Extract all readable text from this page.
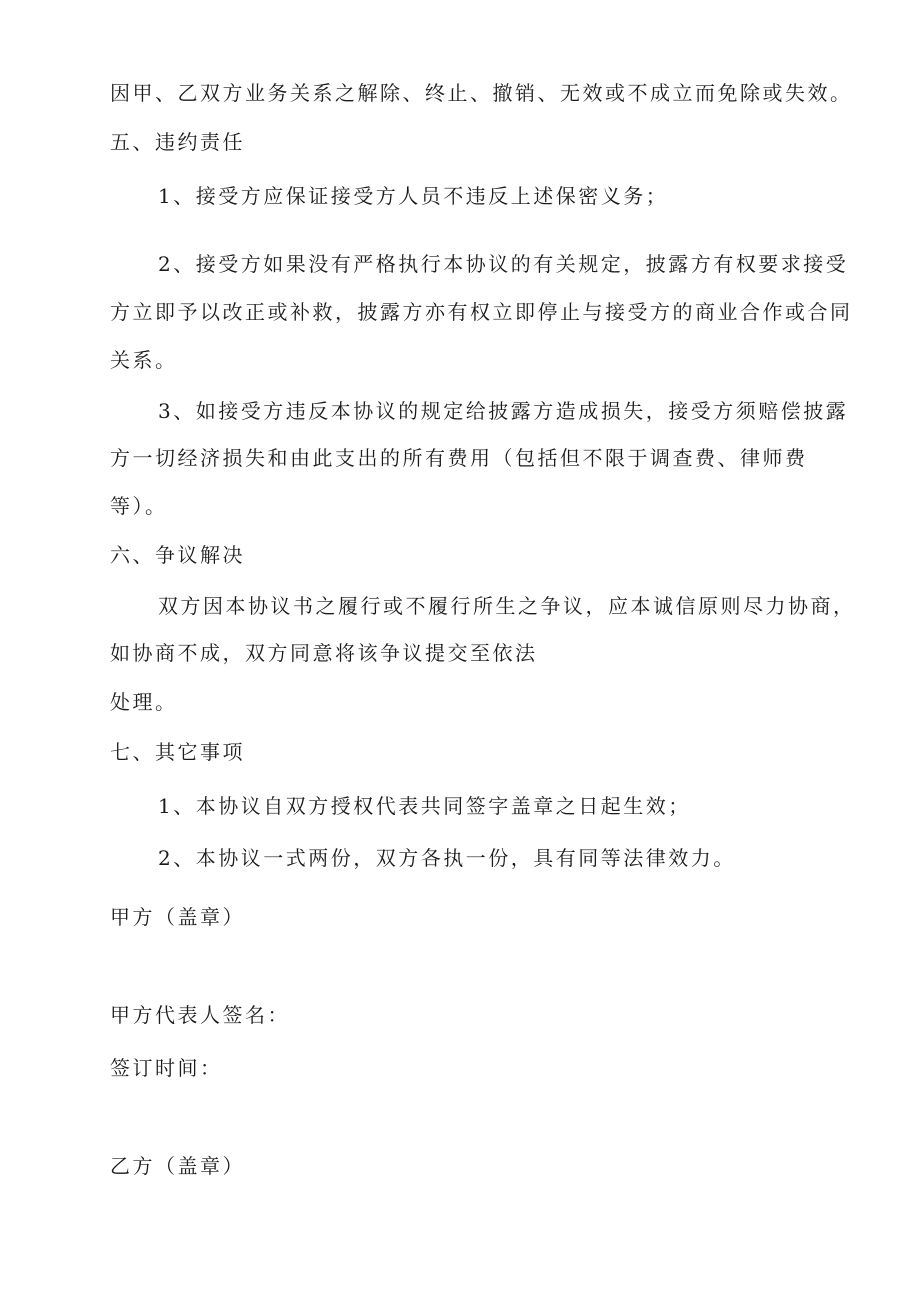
因甲、乙双方业务关系之解除、终止、撤销、无效或不成立而免除或失效。
五、违约责任
1、接受方应保证接受方人员不违反上述保密义务；
2、接受方如果没有严格执行本协议的有关规定，披露方有权要求接受
方立即予以改正或补救，披露方亦有权立即停止与接受方的商业合作或合同
关系。
3、如接受方违反本协议的规定给披露方造成损失，接受方须赔偿披露
方一切经济损失和由此支出的所有费用（包括但不限于调查费、律师费
等）。
六、争议解决
双方因本协议书之履行或不履行所生之争议，应本诚信原则尽力协商，
如协商不成，双方同意将该争议提交至依法
处理。
七、其它事项
1、本协议自双方授权代表共同签字盖章之日起生效；
2、本协议一式两份，双方各执一份，具有同等法律效力。
甲方（盖章）
甲方代表人签名：
签订时间：
乙方（盖章）
